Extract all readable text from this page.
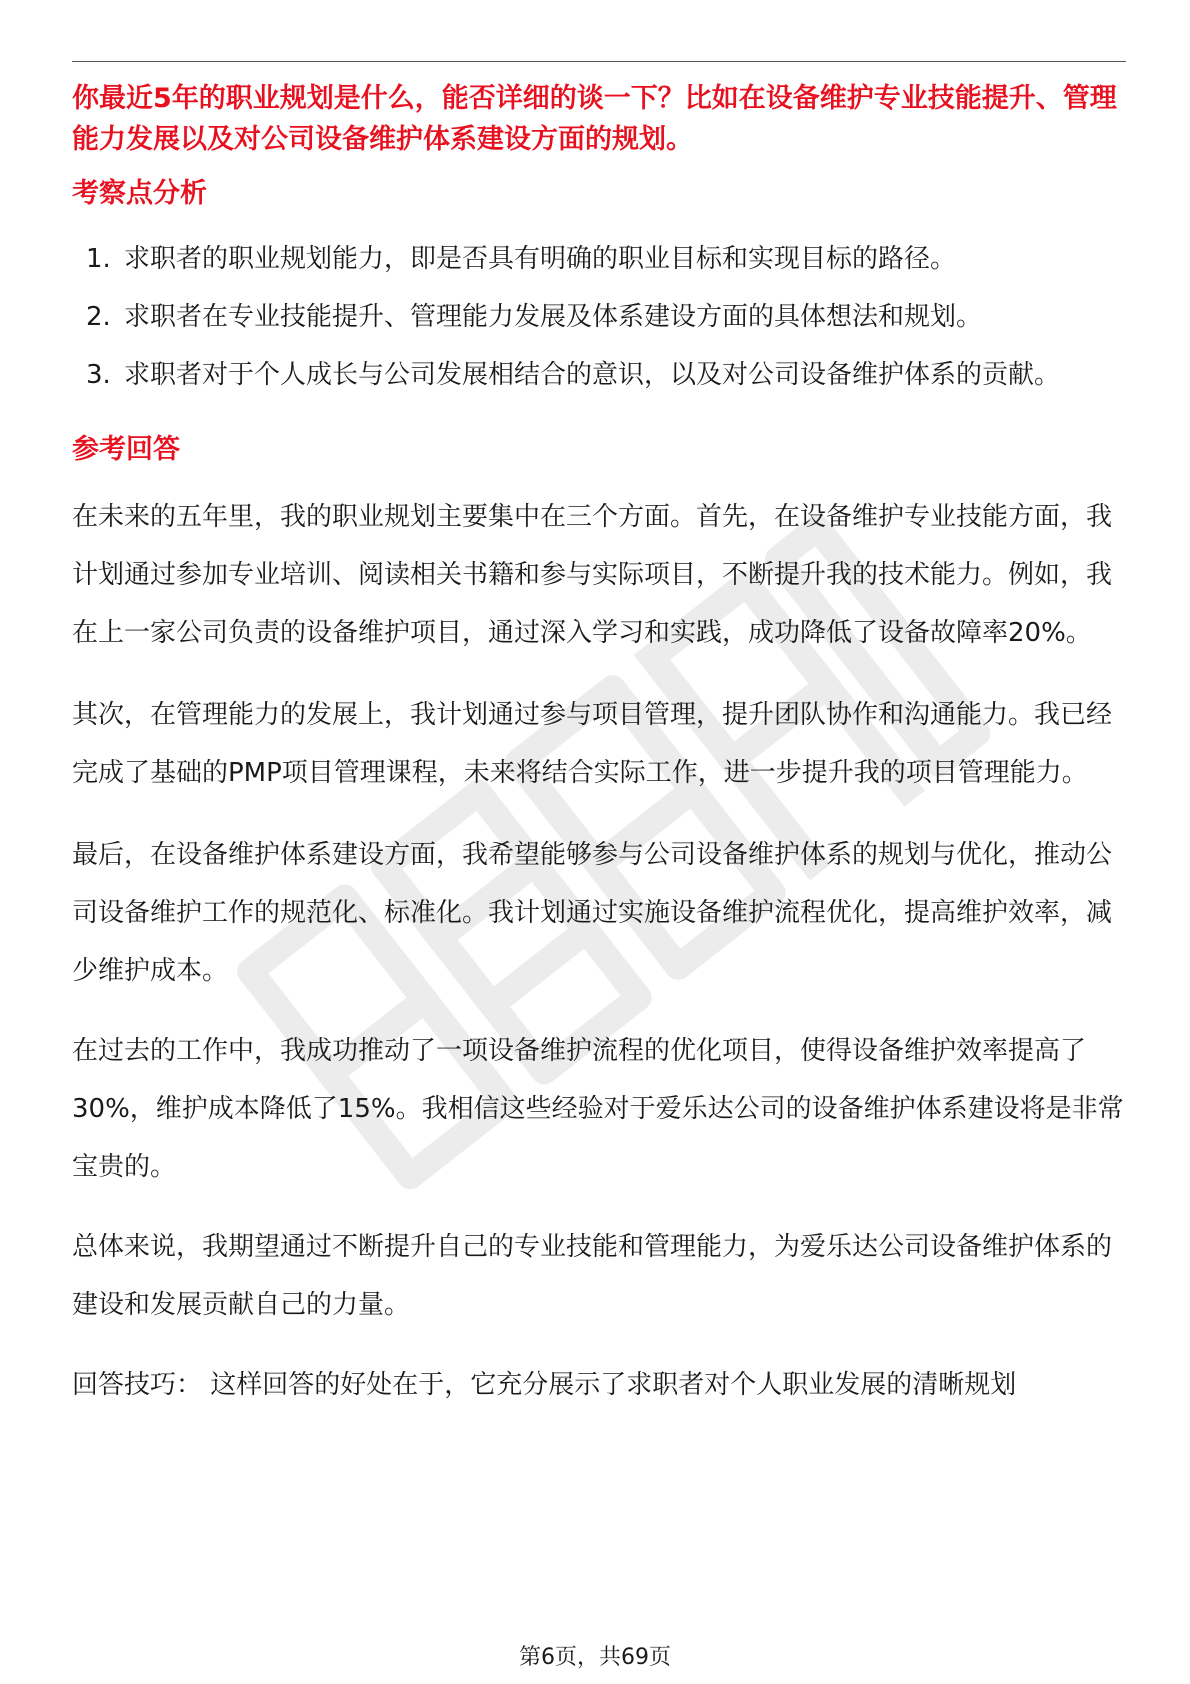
你最近5年的职业规划是什么，能否详细的谈一下？比如在设备维护专业技能提升、管理能力发展以及对公司设备维护体系建设方面的规划。

考察点分析

1. 求职者的职业规划能力，即是否具有明确的职业目标和实现目标的路径。
2. 求职者在专业技能提升、管理能力发展及体系建设方面的具体想法和规划。
3. 求职者对于个人成长与公司发展相结合的意识，以及对公司设备维护体系的贡献。

参考回答

在未来的五年里，我的职业规划主要集中在三个方面。首先，在设备维护专业技能方面，我计划通过参加专业培训、阅读相关书籍和参与实际项目，不断提升我的技术能力。例如，我在上一家公司负责的设备维护项目，通过深入学习和实践，成功降低了设备故障率20%。

其次，在管理能力的发展上，我计划通过参与项目管理，提升团队协作和沟通能力。我已经完成了基础的PMP项目管理课程，未来将结合实际工作，进一步提升我的项目管理能力。

最后，在设备维护体系建设方面，我希望能够参与公司设备维护体系的规划与优化，推动公司设备维护工作的规范化、标准化。我计划通过实施设备维护流程优化，提高维护效率，减少维护成本。

在过去的工作中，我成功推动了一项设备维护流程的优化项目，使得设备维护效率提高了30%，维护成本降低了15%。我相信这些经验对于爱乐达公司的设备维护体系建设将是非常宝贵的。

总体来说，我期望通过不断提升自己的专业技能和管理能力，为爱乐达公司设备维护体系的建设和发展贡献自己的力量。

回答技巧： 这样回答的好处在于，它充分展示了求职者对个人职业发展的清晰规划

第6页，共69页
